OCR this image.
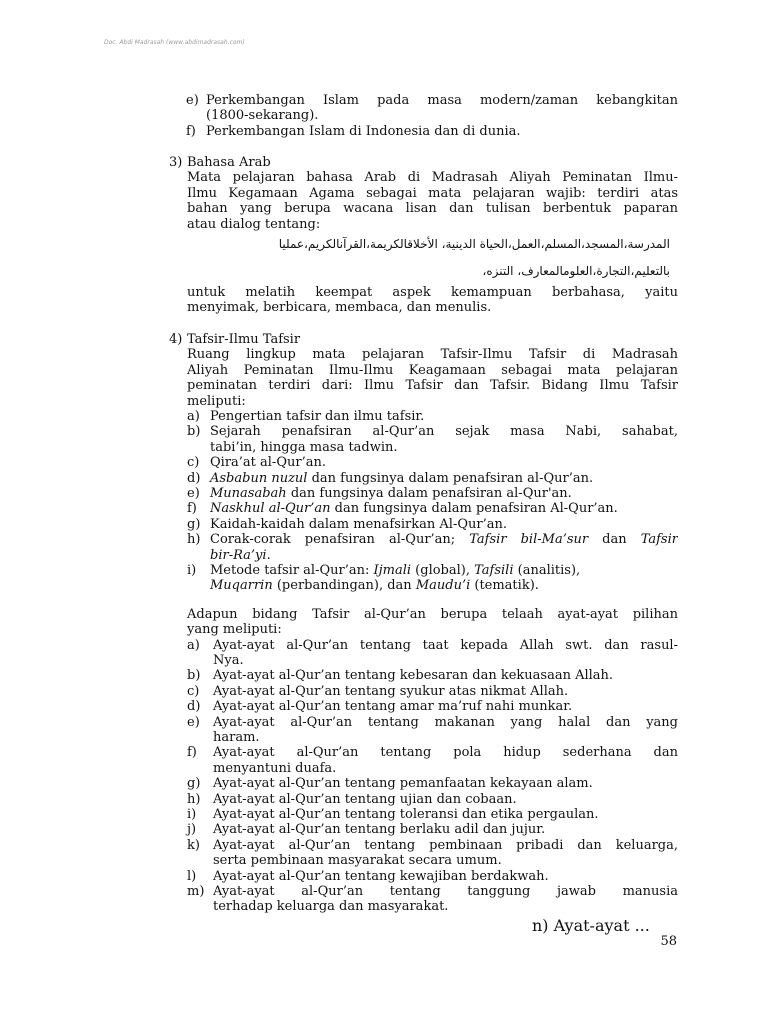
Doc. Abdi Madrasah (www.abdimadrasah.com)
e) Perkembangan Islam pada masa modern/zaman kebangkitan
(1800-sekarang).
f) Perkembangan Islam di Indonesia dan di dunia.
3) Bahasa Arab
Mata pelajaran bahasa Arab di Madrasah Aliyah Peminatan Ilmu-
Ilmu Kegamaan Agama sebagai mata pelajaran wajib: terdiri atas
bahan yang berupa wacana lisan dan tulisan berbentuk paparan
atau dialog tentang:
المدرسة،المسجد،المسلم،العمل،الحياة الدينية، الأخلاقالكريمة،القرآنالكريم،عمليا
بالتعليم،التجارة،العلومالمعارف، التنزه،
untuk melatih keempat aspek kemampuan berbahasa, yaitu
menyimak, berbicara, membaca, dan menulis.
4) Tafsir-Ilmu Tafsir
Ruang lingkup mata pelajaran Tafsir-Ilmu Tafsir di Madrasah
Aliyah Peminatan Ilmu-Ilmu Keagamaan sebagai mata pelajaran
peminatan terdiri dari: Ilmu Tafsir dan Tafsir. Bidang Ilmu Tafsir
meliputi:
a) Pengertian tafsir dan ilmu tafsir.
b) Sejarah penafsiran al-Qur’an sejak masa Nabi, sahabat,
tabi’in, hingga masa tadwin.
c) Qira’at al-Qur’an.
d) Asbabun nuzul dan fungsinya dalam penafsiran al-Qur’an.
e) Munasabah dan fungsinya dalam penafsiran al-Qur'an.
f) Naskhul al-Qur’an dan fungsinya dalam penafsiran Al-Qur’an.
g) Kaidah-kaidah dalam menafsirkan Al-Qur’an.
h) Corak-corak penafsiran al-Qur’an; Tafsir bil-Ma’sur dan Tafsir
bir-Ra’yi.
i) Metode tafsir al-Qur’an: Ijmali (global), Tafsili (analitis),
Muqarrin (perbandingan), dan Maudu’i (tematik).
Adapun bidang Tafsir al-Qur’an berupa telaah ayat-ayat pilihan
yang meliputi:
a) Ayat-ayat al-Qur’an tentang taat kepada Allah swt. dan rasul-
Nya.
b) Ayat-ayat al-Qur’an tentang kebesaran dan kekuasaan Allah.
c) Ayat-ayat al-Qur’an tentang syukur atas nikmat Allah.
d) Ayat-ayat al-Qur’an tentang amar ma’ruf nahi munkar.
e) Ayat-ayat al-Qur’an tentang makanan yang halal dan yang
haram.
f) Ayat-ayat al-Qur’an tentang pola hidup sederhana dan
menyantuni duafa.
g) Ayat-ayat al-Qur’an tentang pemanfaatan kekayaan alam.
h) Ayat-ayat al-Qur’an tentang ujian dan cobaan.
i) Ayat-ayat al-Qur’an tentang toleransi dan etika pergaulan.
j) Ayat-ayat al-Qur’an tentang berlaku adil dan jujur.
k) Ayat-ayat al-Qur’an tentang pembinaan pribadi dan keluarga,
serta pembinaan masyarakat secara umum.
l) Ayat-ayat al-Qur’an tentang kewajiban berdakwah.
m) Ayat-ayat al-Qur’an tentang tanggung jawab manusia
terhadap keluarga dan masyarakat.
n) Ayat-ayat ...
58
